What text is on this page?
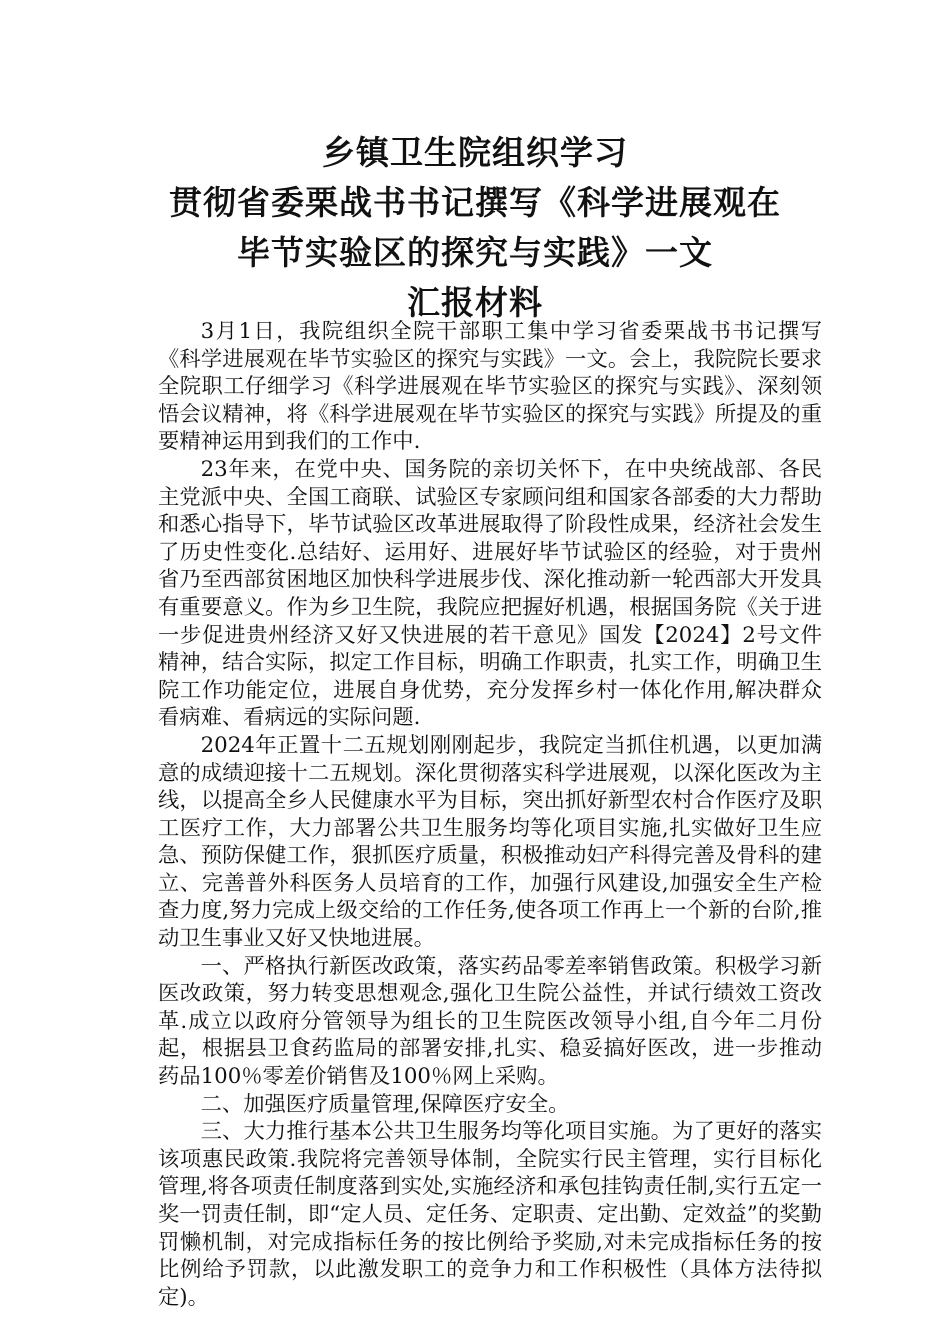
乡镇卫生院组织学习
贯彻省委栗战书书记撰写《科学进展观在
毕节实验区的探究与实践》一文
汇报材料

3月1日，我院组织全院干部职工集中学习省委栗战书书记撰写《科学进展观在毕节实验区的探究与实践》一文。会上，我院院长要求全院职工仔细学习《科学进展观在毕节实验区的探究与实践》、深刻领悟会议精神，将《科学进展观在毕节实验区的探究与实践》所提及的重要精神运用到我们的工作中.

23年来，在党中央、国务院的亲切关怀下，在中央统战部、各民主党派中央、全国工商联、试验区专家顾问组和国家各部委的大力帮助和悉心指导下，毕节试验区改革进展取得了阶段性成果，经济社会发生了历史性变化.总结好、运用好、进展好毕节试验区的经验，对于贵州省乃至西部贫困地区加快科学进展步伐、深化推动新一轮西部大开发具有重要意义。作为乡卫生院，我院应把握好机遇，根据国务院《关于进一步促进贵州经济又好又快进展的若干意见》国发【2024】2号文件精神，结合实际，拟定工作目标，明确工作职责，扎实工作，明确卫生院工作功能定位，进展自身优势，充分发挥乡村一体化作用,解决群众看病难、看病远的实际问题.

2024年正置十二五规划刚刚起步，我院定当抓住机遇，以更加满意的成绩迎接十二五规划。深化贯彻落实科学进展观，以深化医改为主线，以提高全乡人民健康水平为目标，突出抓好新型农村合作医疗及职工医疗工作，大力部署公共卫生服务均等化项目实施,扎实做好卫生应急、预防保健工作，狠抓医疗质量，积极推动妇产科得完善及骨科的建立、完善普外科医务人员培育的工作，加强行风建设,加强安全生产检查力度,努力完成上级交给的工作任务,使各项工作再上一个新的台阶,推动卫生事业又好又快地进展。

一、严格执行新医改政策，落实药品零差率销售政策。积极学习新医改政策，努力转变思想观念,强化卫生院公益性，并试行绩效工资改革.成立以政府分管领导为组长的卫生院医改领导小组,自今年二月份起，根据县卫食药监局的部署安排,扎实、稳妥搞好医改，进一步推动药品100％零差价销售及100％网上采购。

二、加强医疗质量管理,保障医疗安全。

三、大力推行基本公共卫生服务均等化项目实施。为了更好的落实该项惠民政策.我院将完善领导体制，全院实行民主管理，实行目标化管理,将各项责任制度落到实处,实施经济和承包挂钩责任制,实行五定一奖一罚责任制，即“定人员、定任务、定职责、定出勤、定效益”的奖勤罚懒机制，对完成指标任务的按比例给予奖励,对未完成指标任务的按比例给予罚款，以此激发职工的竞争力和工作积极性（具体方法待拟定)。
